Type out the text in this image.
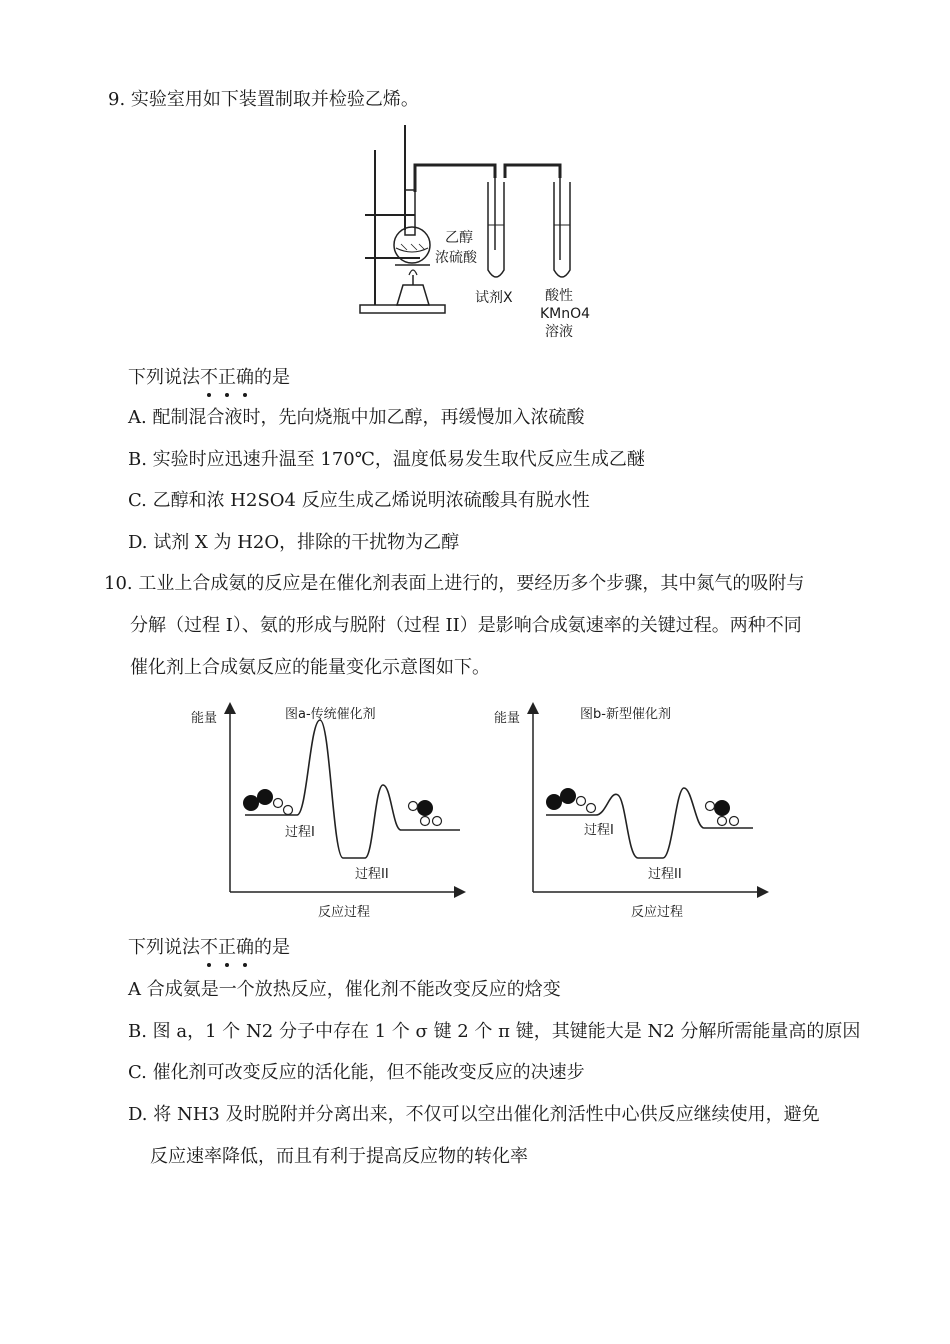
9. 实验室用如下装置制取并检验乙烯。
乙醇
浓硫酸
试剂X 酸性
KMnO4
溶液
下列说法不正确的是
A. 配制混合液时，先向烧瓶中加乙醇，再缓慢加入浓硫酸
B. 实验时应迅速升温至 170℃，温度低易发生取代反应生成乙醚
C. 乙醇和浓 H2SO4 反应生成乙烯说明浓硫酸具有脱水性
D. 试剂 X 为 H2O，排除的干扰物为乙醇
10. 工业上合成氨的反应是在催化剂表面上进行的，要经历多个步骤，其中氮气的吸附与
分解（过程 I）、氨的形成与脱附（过程 II）是影响合成氨速率的关键过程。两种不同
催化剂上合成氨反应的能量变化示意图如下。
能量	图a-传统催化剂
过程I
过程II
反应过程
能量	图b-新型催化剂
过程I
过程II
反应过程
下列说法不正确的是
A 合成氨是一个放热反应，催化剂不能改变反应的焓变
B. 图 a，1 个 N2 分子中存在 1 个 σ 键 2 个 π 键，其键能大是 N2 分解所需能量高的原因
C. 催化剂可改变反应的活化能，但不能改变反应的决速步
D. 将 NH3 及时脱附并分离出来，不仅可以空出催化剂活性中心供反应继续使用，避免
反应速率降低，而且有利于提高反应物的转化率
